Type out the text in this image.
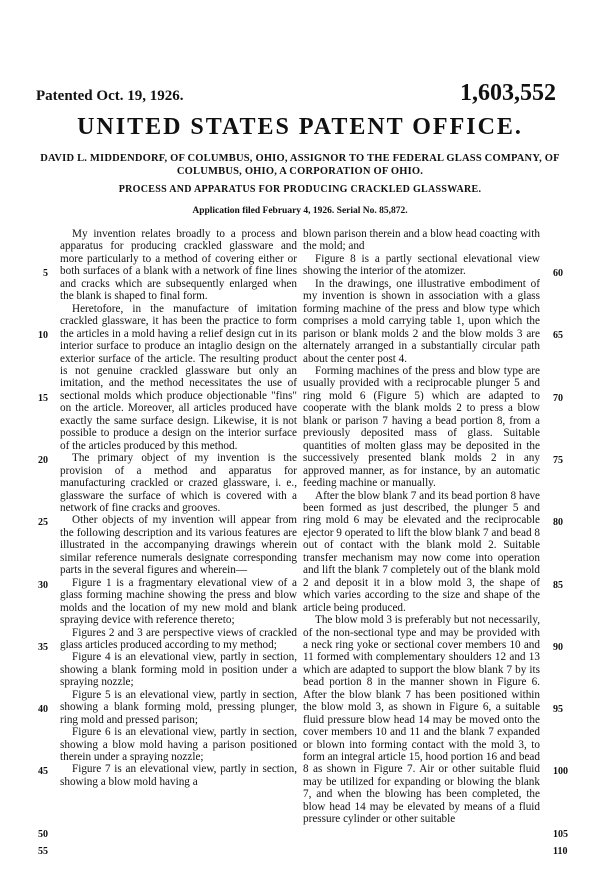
Patented Oct. 19, 1926.	1,603,552
UNITED STATES PATENT OFFICE.
DAVID L. MIDDENDORF, OF COLUMBUS, OHIO, ASSIGNOR TO THE FEDERAL GLASS COMPANY, OF COLUMBUS, OHIO, A CORPORATION OF OHIO.
PROCESS AND APPARATUS FOR PRODUCING CRACKLED GLASSWARE.
Application filed February 4, 1926. Serial No. 85,872.

My invention relates broadly to a process and apparatus for producing crackled glassware and more particularly to a method of covering either or both surfaces of a blank with a network of fine lines and cracks which are subsequently enlarged when the blank is shaped to final form.

Heretofore, in the manufacture of imitation crackled glassware, it has been the practice to form the articles in a mold having a relief design cut in its interior surface to produce an intaglio design on the exterior surface of the article. The resulting product is not genuine crackled glassware but only an imitation, and the method necessitates the use of sectional molds which produce objectionable "fins" on the article. Moreover, all articles produced have exactly the same surface design. Likewise, it is not possible to produce a design on the interior surface of the articles produced by this method.

The primary object of my invention is the provision of a method and apparatus for manufacturing crackled or crazed glassware, i. e., glassware the surface of which is covered with a network of fine cracks and grooves.

Other objects of my invention will appear from the following description and its various features are illustrated in the accompanying drawings wherein similar reference numerals designate corresponding parts in the several figures and wherein—

Figure 1 is a fragmentary elevational view of a glass forming machine showing the press and blow molds and the location of my new mold and blank spraying device with reference thereto;

Figures 2 and 3 are perspective views of crackled glass articles produced according to my method;

Figure 4 is an elevational view, partly in section, showing a blank forming mold in position under a spraying nozzle;

Figure 5 is an elevational view, partly in section, showing a blank forming mold, pressing plunger, ring mold and pressed parison;

Figure 6 is an elevational view, partly in section, showing a blow mold having a parison positioned therein under a spraying nozzle;

Figure 7 is an elevational view, partly in section, showing a blow mold having a

blown parison therein and a blow head coacting with the mold; and

Figure 8 is a partly sectional elevational view showing the interior of the atomizer.

In the drawings, one illustrative embodiment of my invention is shown in association with a glass forming machine of the press and blow type which comprises a mold carrying table 1, upon which the parison or blank molds 2 and the blow molds 3 are alternately arranged in a substantially circular path about the center post 4.

Forming machines of the press and blow type are usually provided with a reciprocable plunger 5 and ring mold 6 (Figure 5) which are adapted to cooperate with the blank molds 2 to press a blow blank or parison 7 having a bead portion 8, from a previously deposited mass of glass. Suitable quantities of molten glass may be deposited in the successively presented blank molds 2 in any approved manner, as for instance, by an automatic feeding machine or manually.

After the blow blank 7 and its bead portion 8 have been formed as just described, the plunger 5 and ring mold 6 may be elevated and the reciprocable ejector 9 operated to lift the blow blank 7 and bead 8 out of contact with the blank mold 2. Suitable transfer mechanism may now come into operation and lift the blank 7 completely out of the blank mold 2 and deposit it in a blow mold 3, the shape of which varies according to the size and shape of the article being produced.

The blow mold 3 is preferably but not necessarily, of the non-sectional type and may be provided with a neck ring yoke or sectional cover members 10 and 11 formed with complementary shoulders 12 and 13 which are adapted to support the blow blank 7 by its bead portion 8 in the manner shown in Figure 6. After the blow blank 7 has been positioned within the blow mold 3, as shown in Figure 6, a suitable fluid pressure blow head 14 may be moved onto the cover members 10 and 11 and the blank 7 expanded or blown into forming contact with the mold 3, to form an integral article 15, hood portion 16 and bead 8 as shown in Figure 7. Air or other suitable fluid may be utilized for expanding or blowing the blank 7, and when the blowing has been completed, the blow head 14 may be elevated by means of a fluid pressure cylinder or other suitable

5
10
15
20
25
30
35
40
45
50
55
60
65
70
75
80
85
90
95
100
105
110
